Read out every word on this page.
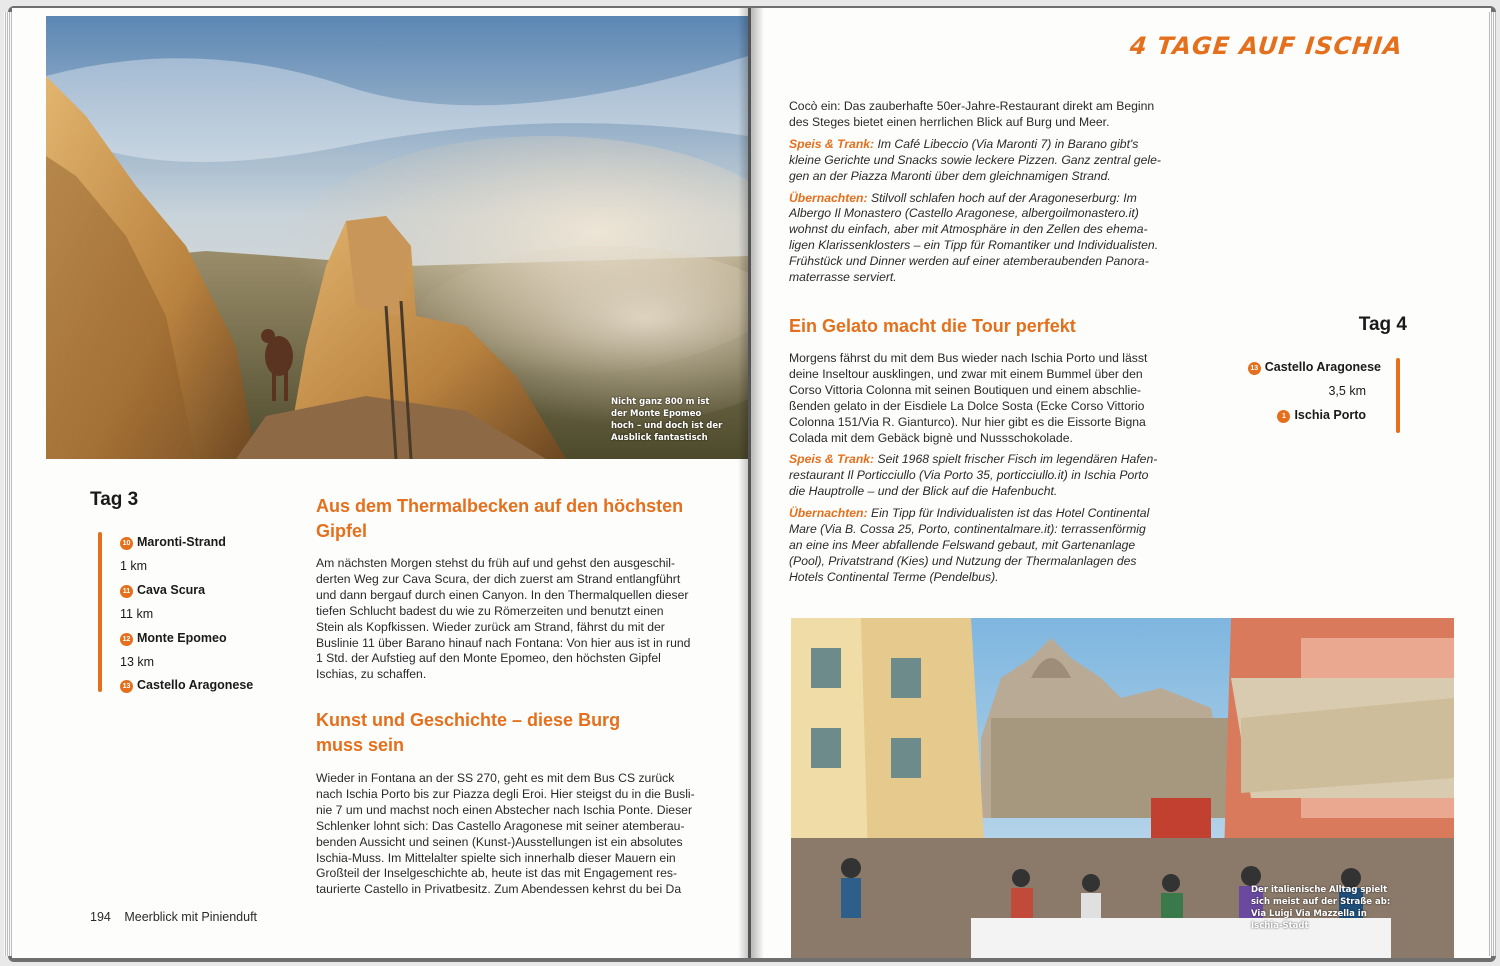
Nicht ganz 800 m ist
der Monte Epomeo
hoch – und doch ist der
Ausblick fantastisch
Tag 3
10 Maronti-Strand
1 km
11 Cava Scura
11 km
12 Monte Epomeo
13 km
13 Castello Aragonese
Aus dem Thermalbecken auf den höchsten
Gipfel
Am nächsten Morgen stehst du früh auf und gehst den ausgeschil-
derten Weg zur Cava Scura, der dich zuerst am Strand entlangführt
und dann bergauf durch einen Canyon. In den Thermalquellen dieser
tiefen Schlucht badest du wie zu Römerzeiten und benutzt einen
Stein als Kopfkissen. Wieder zurück am Strand, fährst du mit der
Buslinie 11 über Barano hinauf nach Fontana: Von hier aus ist in rund
1 Std. der Aufstieg auf den Monte Epomeo, den höchsten Gipfel
Ischias, zu schaffen.
Kunst und Geschichte – diese Burg
muss sein
Wieder in Fontana an der SS 270, geht es mit dem Bus CS zurück
nach Ischia Porto bis zur Piazza degli Eroi. Hier steigst du in die Busli-
nie 7 um und machst noch einen Abstecher nach Ischia Ponte. Dieser
Schlenker lohnt sich: Das Castello Aragonese mit seiner atemberau-
benden Aussicht und seinen (Kunst-)Ausstellungen ist ein absolutes
Ischia-Muss. Im Mittelalter spielte sich innerhalb dieser Mauern ein
Großteil der Inselgeschichte ab, heute ist das mit Engagement res-
taurierte Castello in Privatbesitz. Zum Abendessen kehrst du bei Da
194 Meerblick mit Pinienduft
4 TAGE AUF ISCHIA

Cocò ein: Das zauberhafte 50er-Jahre-Restaurant direkt am Beginn
des Steges bietet einen herrlichen Blick auf Burg und Meer.

Speis & Trank: Im Café Libeccio (Via Maronti 7) in Barano gibt's
kleine Gerichte und Snacks sowie leckere Pizzen. Ganz zentral gele-
gen an der Piazza Maronti über dem gleichnamigen Strand.

Übernachten: Stilvoll schlafen hoch auf der Aragoneserburg: Im
Albergo Il Monastero (Castello Aragonese, albergoilmonastero.it)
wohnst du einfach, aber mit Atmosphäre in den Zellen des ehema-
ligen Klarissenklosters – ein Tipp für Romantiker und Individualisten.
Frühstück und Dinner werden auf einer atemberaubenden Panora-
materrasse serviert.

Ein Gelato macht die Tour perfekt

Morgens fährst du mit dem Bus wieder nach Ischia Porto und lässt
deine Inseltour ausklingen, und zwar mit einem Bummel über den
Corso Vittoria Colonna mit seinen Boutiquen und einem abschlie-
ßenden gelato in der Eisdiele La Dolce Sosta (Ecke Corso Vittorio
Colonna 151/Via R. Gianturco). Nur hier gibt es die Eissorte Bigna
Colada mit dem Gebäck bignè und Nussschokolade.

Speis & Trank: Seit 1968 spielt frischer Fisch im legendären Hafen-
restaurant Il Porticciullo (Via Porto 35, porticciullo.it) in Ischia Porto
die Hauptrolle – und der Blick auf die Hafenbucht.

Übernachten: Ein Tipp für Individualisten ist das Hotel Continental
Mare (Via B. Cossa 25, Porto, continentalmare.it): terrassenförmig
an eine ins Meer abfallende Felswand gebaut, mit Gartenanlage
(Pool), Privatstrand (Kies) und Nutzung der Thermalanlagen des
Hotels Continental Terme (Pendelbus).

Tag 4
13 Castello Aragonese
3,5 km
1 Ischia Porto
Der italienische Alltag spielt
sich meist auf der Straße ab:
Via Luigi Via Mazzella in
Ischia-Stadt
